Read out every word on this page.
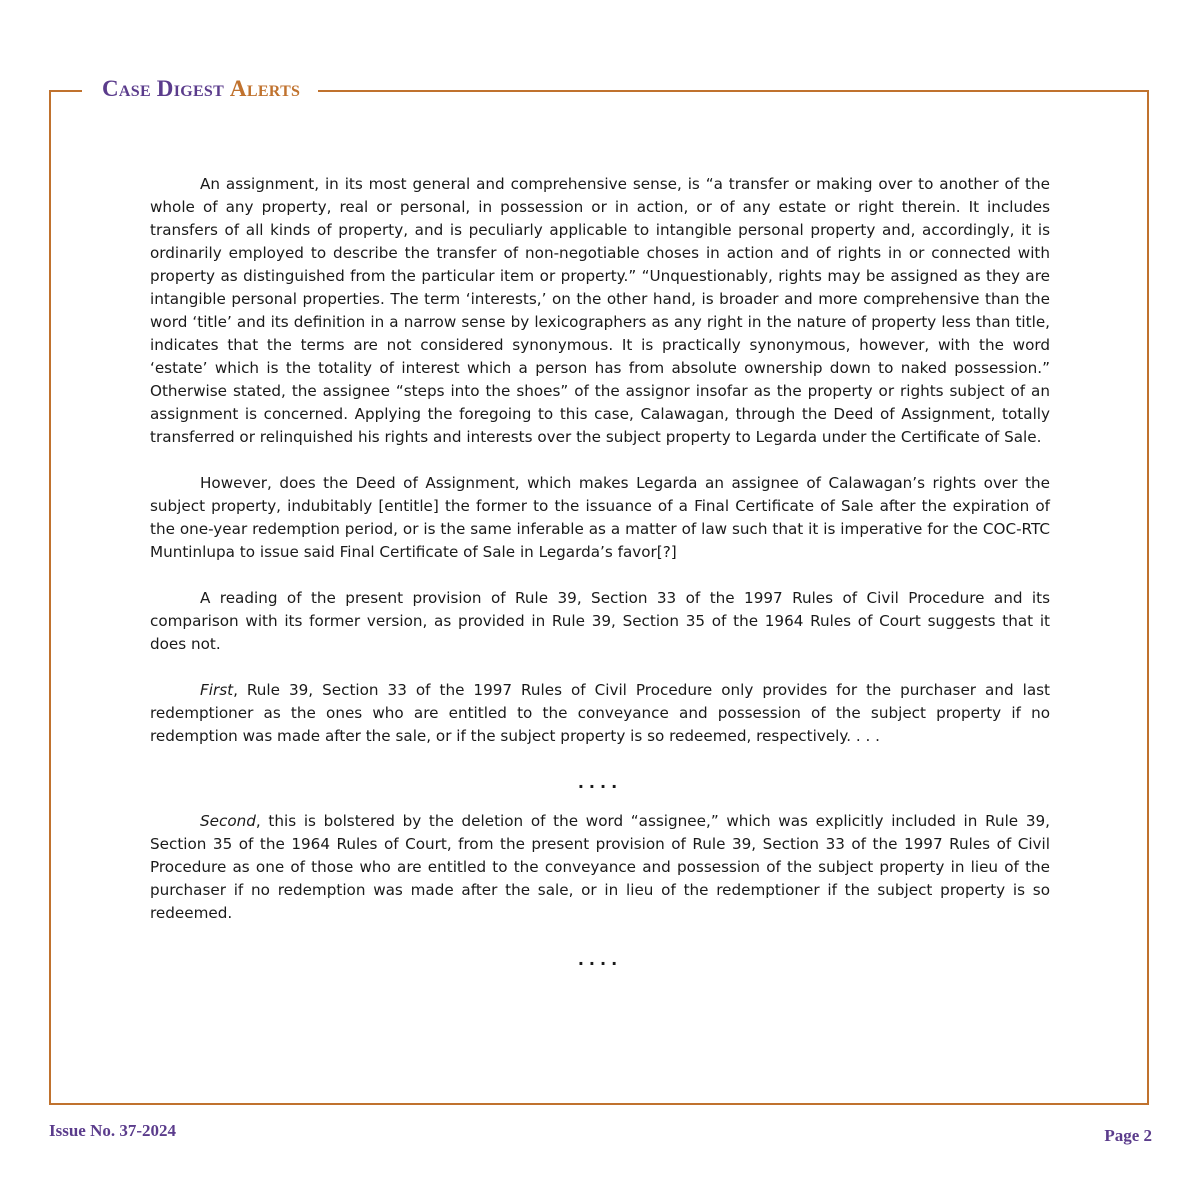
CASE DIGEST ALERTS

An assignment, in its most general and comprehensive sense, is “a transfer or making over to another of the whole of any property, real or personal, in possession or in action, or of any estate or right therein. It includes transfers of all kinds of property, and is peculiarly applicable to intangible personal property and, accordingly, it is ordinarily employed to describe the transfer of non-negotiable choses in action and of rights in or connected with property as distinguished from the particular item or property.” “Unquestionably, rights may be assigned as they are intangible personal properties. The term ‘interests,’ on the other hand, is broader and more comprehensive than the word ‘title’ and its definition in a narrow sense by lexicographers as any right in the nature of property less than title, indicates that the terms are not considered synonymous. It is practically synonymous, however, with the word ‘estate’ which is the totality of interest which a person has from absolute ownership down to naked possession.” Otherwise stated, the assignee “steps into the shoes” of the assignor insofar as the property or rights subject of an assignment is concerned. Applying the foregoing to this case, Calawagan, through the Deed of Assignment, totally transferred or relinquished his rights and interests over the subject property to Legarda under the Certificate of Sale.

However, does the Deed of Assignment, which makes Legarda an assignee of Calawagan’s rights over the subject property, indubitably [entitle] the former to the issuance of a Final Certificate of Sale after the expiration of the one-year redemption period, or is the same inferable as a matter of law such that it is imperative for the COC-RTC Muntinlupa to issue said Final Certificate of Sale in Legarda’s favor[?]

A reading of the present provision of Rule 39, Section 33 of the 1997 Rules of Civil Procedure and its comparison with its former version, as provided in Rule 39, Section 35 of the 1964 Rules of Court suggests that it does not.

First, Rule 39, Section 33 of the 1997 Rules of Civil Procedure only provides for the purchaser and last redemptioner as the ones who are entitled to the conveyance and possession of the subject property if no redemption was made after the sale, or if the subject property is so redeemed, respectively. . . .

....

Second, this is bolstered by the deletion of the word “assignee,” which was explicitly included in Rule 39, Section 35 of the 1964 Rules of Court, from the present provision of Rule 39, Section 33 of the 1997 Rules of Civil Procedure as one of those who are entitled to the conveyance and possession of the subject property in lieu of the purchaser if no redemption was made after the sale, or in lieu of the redemptioner if the subject property is so redeemed.

....
Issue No. 37-2024	Page 2
